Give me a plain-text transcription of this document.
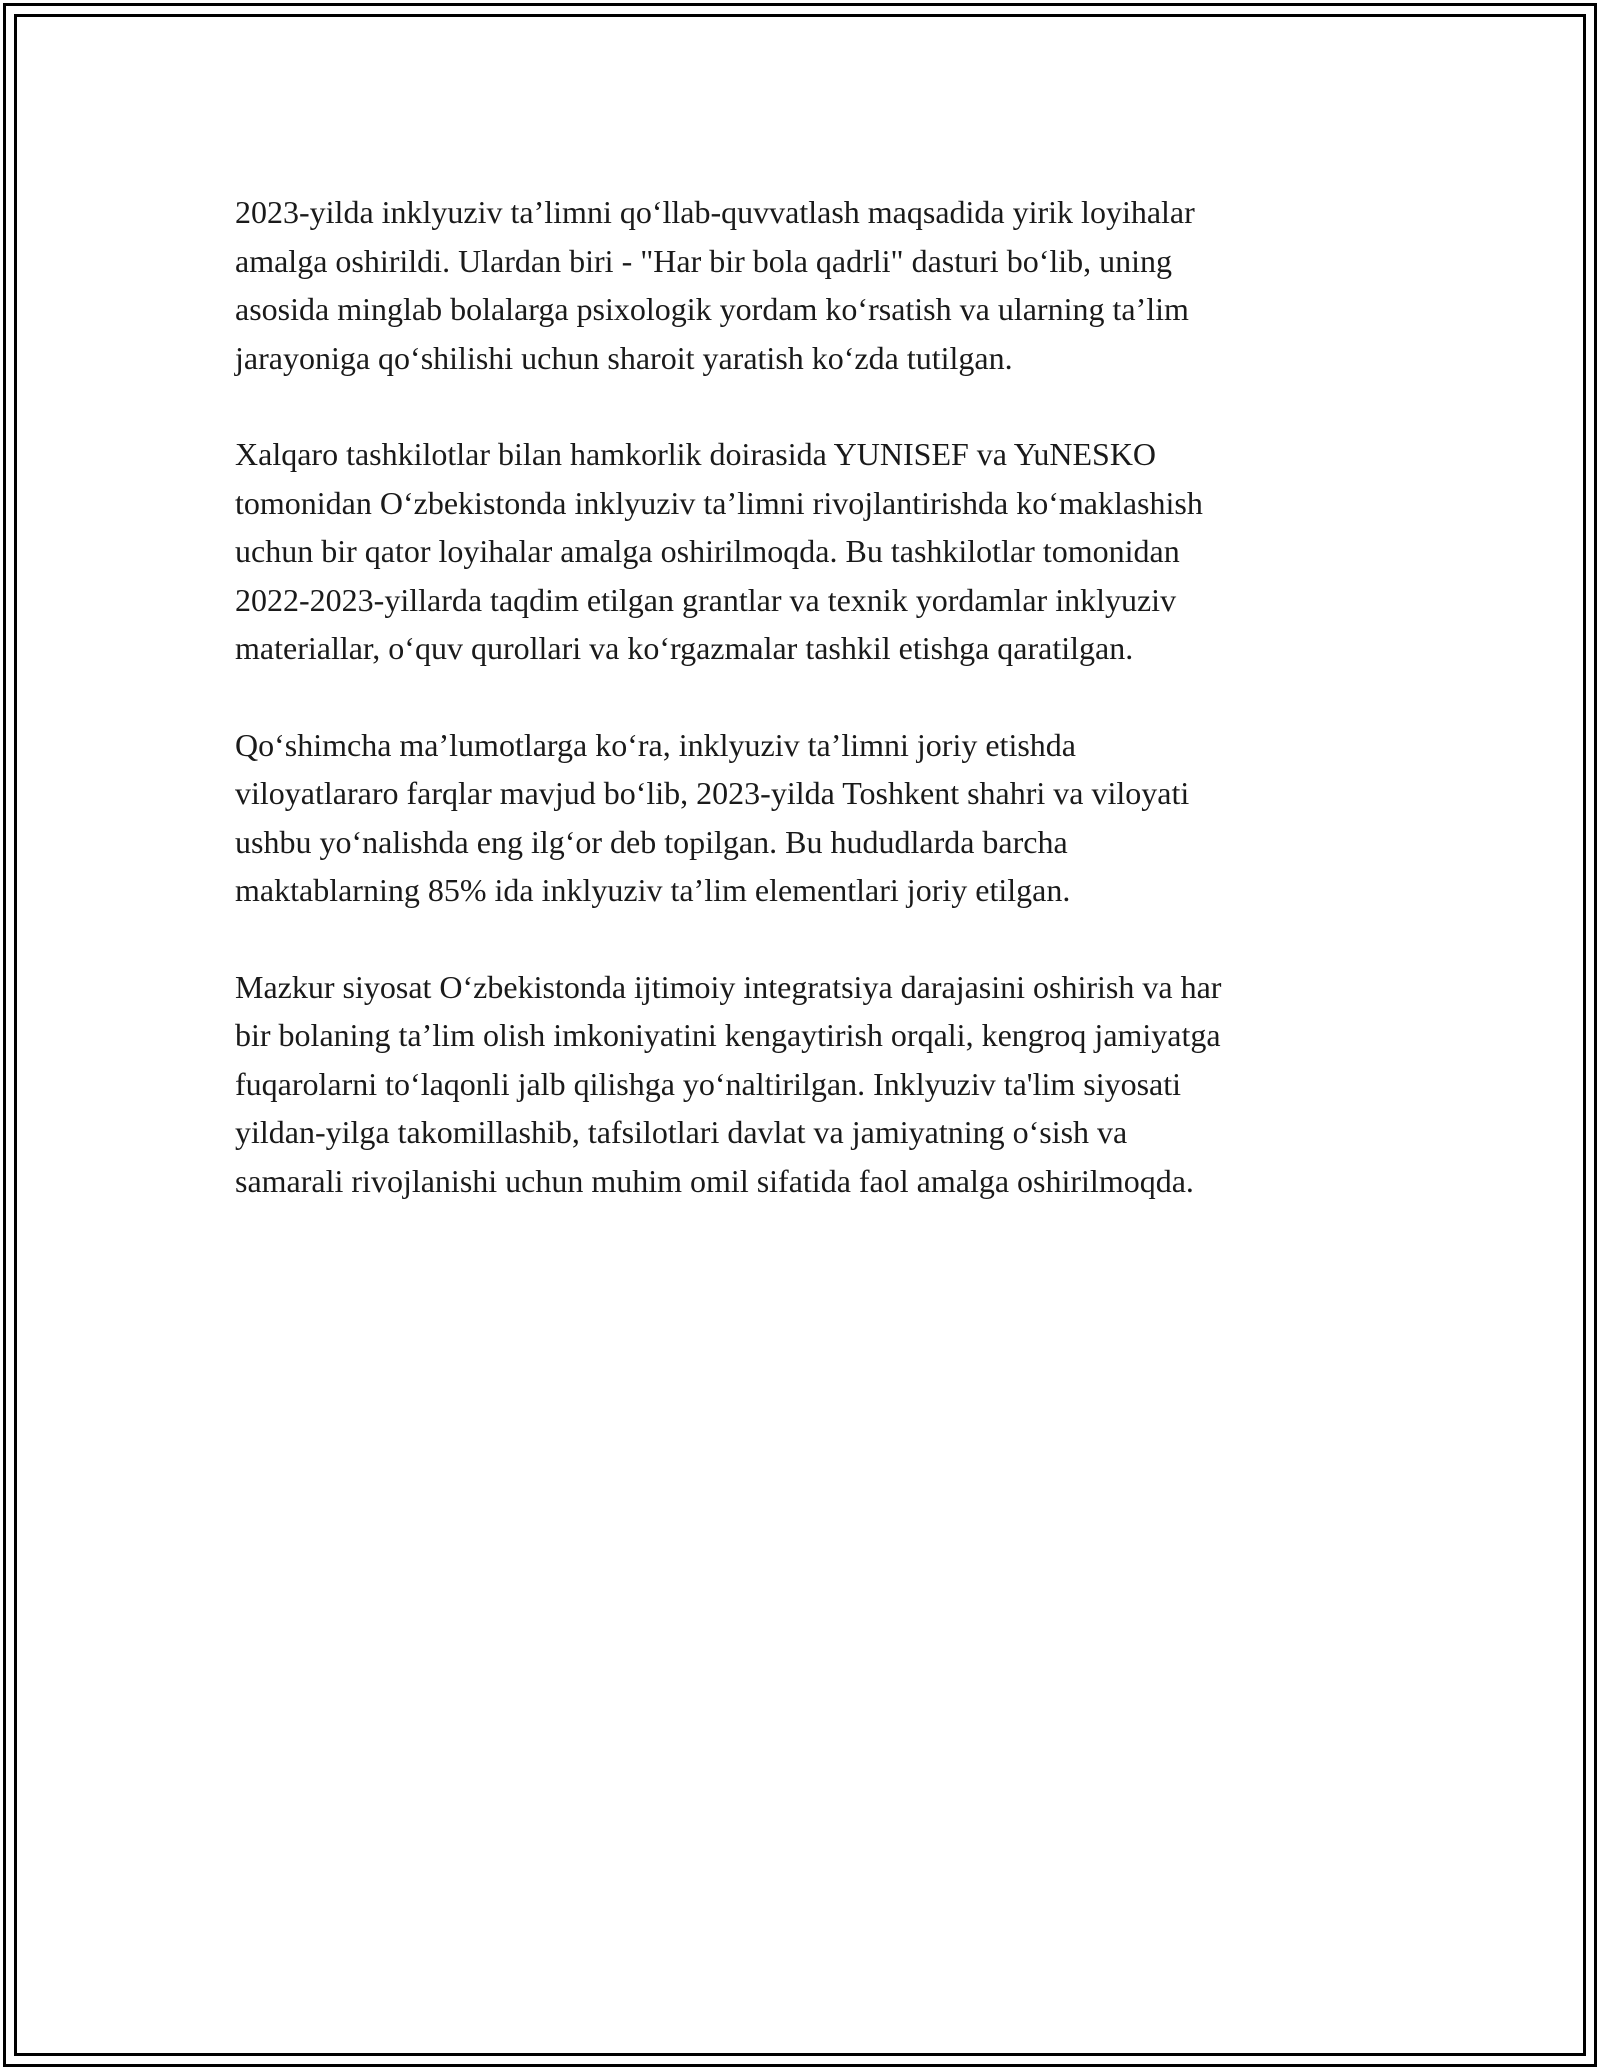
2023-yilda inklyuziv ta’limni qo‘llab-quvvatlash maqsadida yirik loyihalar
amalga oshirildi. Ulardan biri - "Har bir bola qadrli" dasturi bo‘lib, uning
asosida minglab bolalarga psixologik yordam ko‘rsatish va ularning ta’lim
jarayoniga qo‘shilishi uchun sharoit yaratish ko‘zda tutilgan.

Xalqaro tashkilotlar bilan hamkorlik doirasida YUNISEF va YuNESKO
tomonidan O‘zbekistonda inklyuziv ta’limni rivojlantirishda ko‘maklashish
uchun bir qator loyihalar amalga oshirilmoqda. Bu tashkilotlar tomonidan
2022-2023-yillarda taqdim etilgan grantlar va texnik yordamlar inklyuziv
materiallar, o‘quv qurollari va ko‘rgazmalar tashkil etishga qaratilgan.

Qo‘shimcha ma’lumotlarga ko‘ra, inklyuziv ta’limni joriy etishda
viloyatlararo farqlar mavjud bo‘lib, 2023-yilda Toshkent shahri va viloyati
ushbu yo‘nalishda eng ilg‘or deb topilgan. Bu hududlarda barcha
maktablarning 85% ida inklyuziv ta’lim elementlari joriy etilgan.

Mazkur siyosat O‘zbekistonda ijtimoiy integratsiya darajasini oshirish va har
bir bolaning ta’lim olish imkoniyatini kengaytirish orqali, kengroq jamiyatga
fuqarolarni to‘laqonli jalb qilishga yo‘naltirilgan. Inklyuziv ta'lim siyosati
yildan-yilga takomillashib, tafsilotlari davlat va jamiyatning o‘sish va
samarali rivojlanishi uchun muhim omil sifatida faol amalga oshirilmoqda.
